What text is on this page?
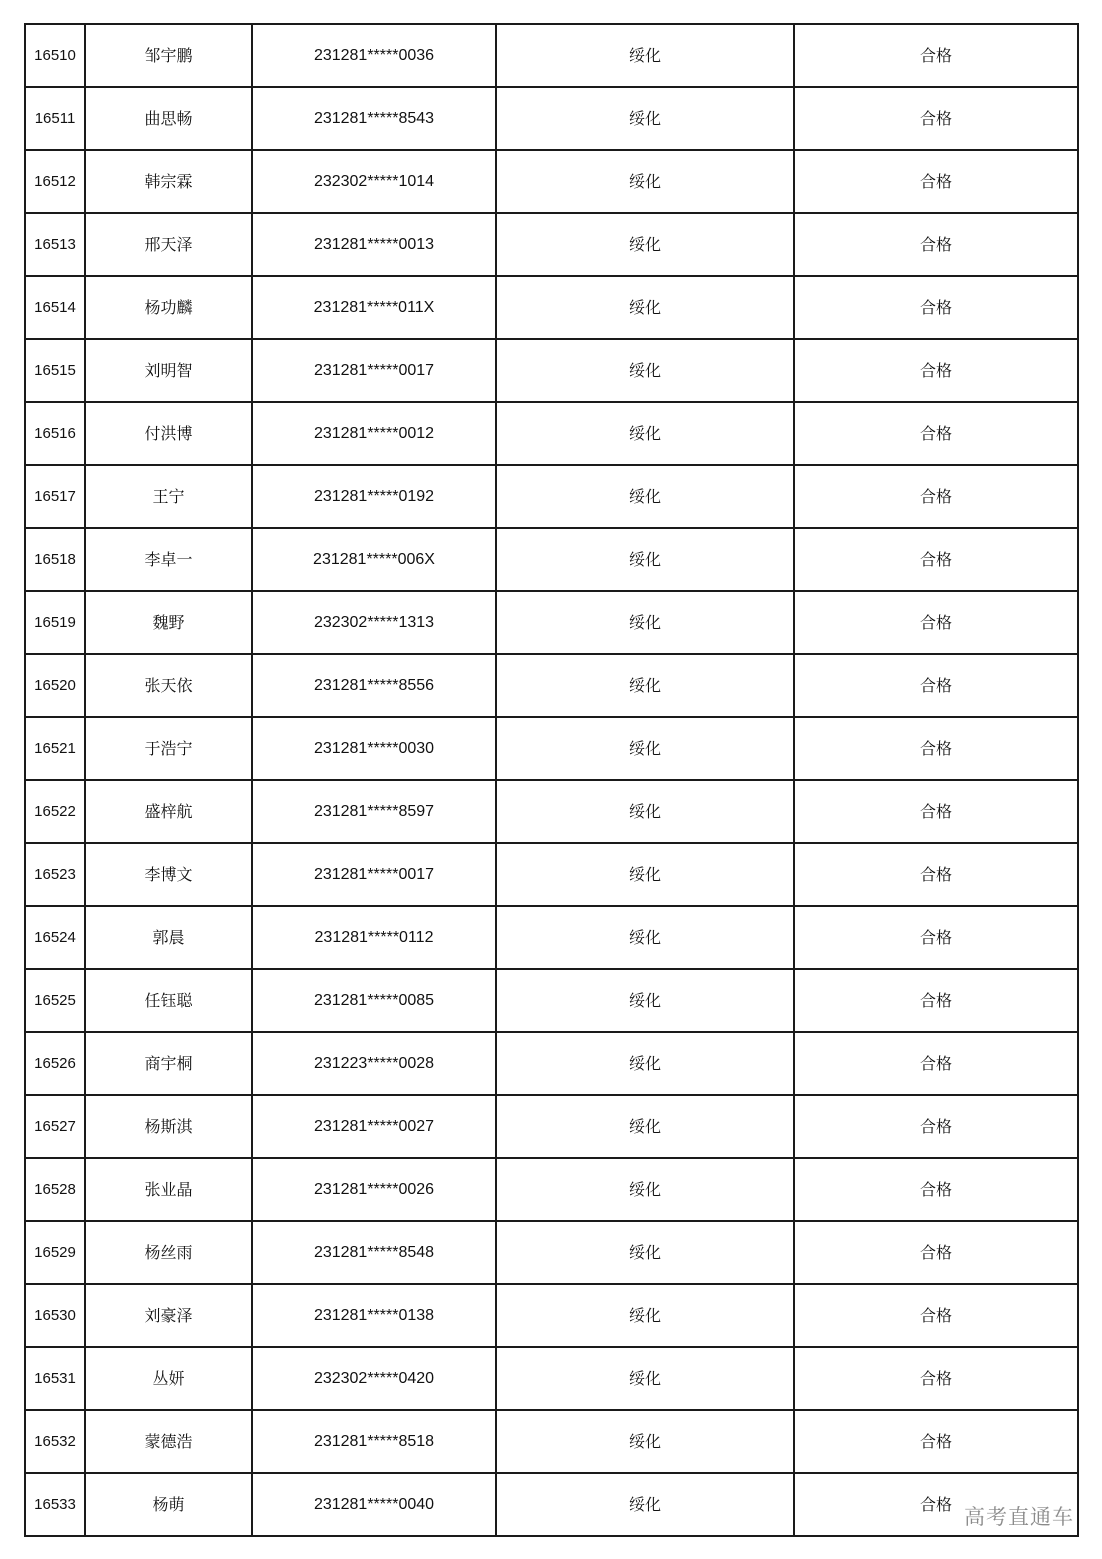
16510	邹宇鹏	231281*****0036	绥化	合格
16511	曲思畅	231281*****8543	绥化	合格
16512	韩宗霖	232302*****1014	绥化	合格
16513	邢天泽	231281*****0013	绥化	合格
16514	杨功麟	231281*****011X	绥化	合格
16515	刘明智	231281*****0017	绥化	合格
16516	付洪博	231281*****0012	绥化	合格
16517	王宁	231281*****0192	绥化	合格
16518	李卓一	231281*****006X	绥化	合格
16519	魏野	232302*****1313	绥化	合格
16520	张天依	231281*****8556	绥化	合格
16521	于浩宁	231281*****0030	绥化	合格
16522	盛梓航	231281*****8597	绥化	合格
16523	李博文	231281*****0017	绥化	合格
16524	郭晨	231281*****0112	绥化	合格
16525	任钰聪	231281*****0085	绥化	合格
16526	商宇桐	231223*****0028	绥化	合格
16527	杨斯淇	231281*****0027	绥化	合格
16528	张业晶	231281*****0026	绥化	合格
16529	杨丝雨	231281*****8548	绥化	合格
16530	刘豪泽	231281*****0138	绥化	合格
16531	丛妍	232302*****0420	绥化	合格
16532	蒙德浩	231281*****8518	绥化	合格
16533	杨萌	231281*****0040	绥化	合格
高考直通车
